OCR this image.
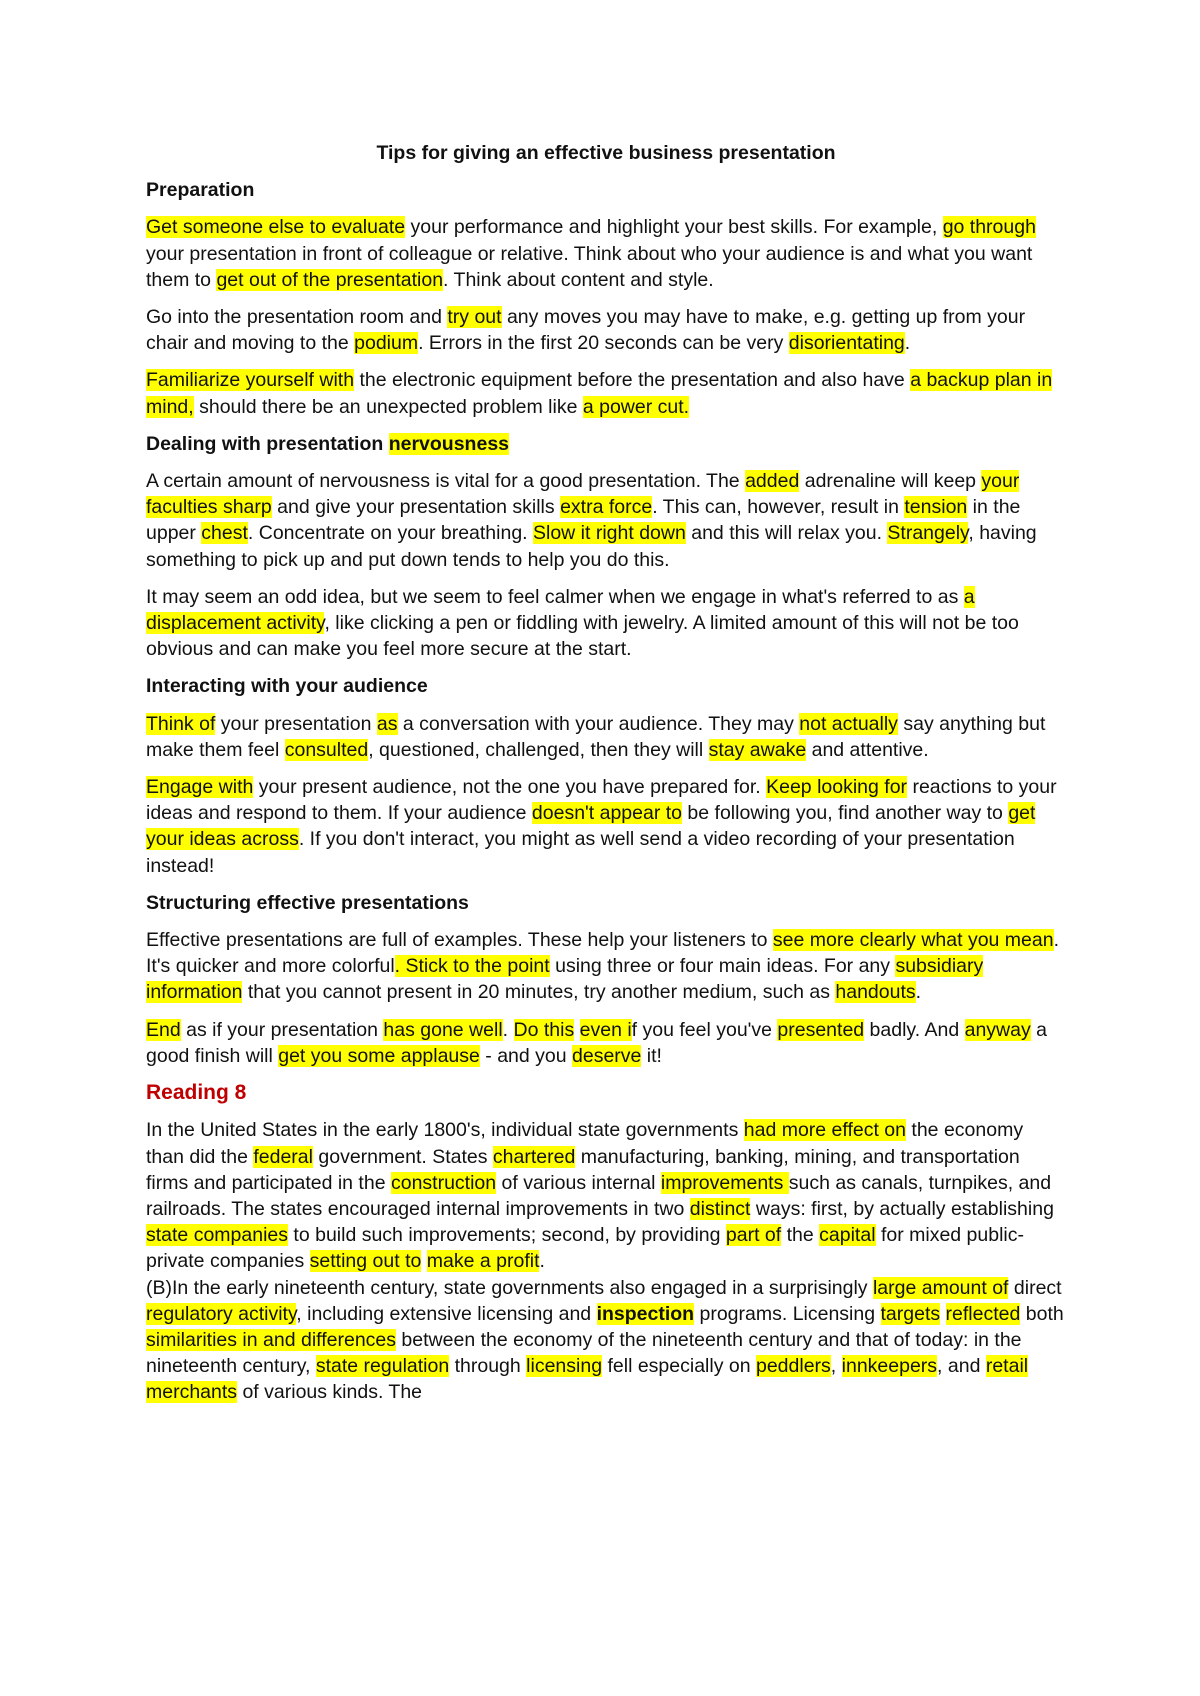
Tips for giving an effective business presentation

Preparation

Get someone else to evaluate your performance and highlight your best skills. For example, go through your presentation in front of colleague or relative. Think about who your audience is and what you want them to get out of the presentation. Think about content and style.

Go into the presentation room and try out any moves you may have to make, e.g. getting up from your chair and moving to the podium. Errors in the first 20 seconds can be very disorientating.

Familiarize yourself with the electronic equipment before the presentation and also have a backup plan in mind, should there be an unexpected problem like a power cut.

Dealing with presentation nervousness

A certain amount of nervousness is vital for a good presentation. The added adrenaline will keep your faculties sharp and give your presentation skills extra force. This can, however, result in tension in the upper chest. Concentrate on your breathing. Slow it right down and this will relax you. Strangely, having something to pick up and put down tends to help you do this.

It may seem an odd idea, but we seem to feel calmer when we engage in what's referred to as a displacement activity, like clicking a pen or fiddling with jewelry. A limited amount of this will not be too obvious and can make you feel more secure at the start.

Interacting with your audience

Think of your presentation as a conversation with your audience. They may not actually say anything but make them feel consulted, questioned, challenged, then they will stay awake and attentive.

Engage with your present audience, not the one you have prepared for. Keep looking for reactions to your ideas and respond to them. If your audience doesn't appear to be following you, find another way to get your ideas across. If you don't interact, you might as well send a video recording of your presentation instead!

Structuring effective presentations

Effective presentations are full of examples. These help your listeners to see more clearly what you mean. It's quicker and more colorful. Stick to the point using three or four main ideas. For any subsidiary information that you cannot present in 20 minutes, try another medium, such as handouts.

End as if your presentation has gone well. Do this even if you feel you've presented badly. And anyway a good finish will get you some applause - and you deserve it!

Reading 8

In the United States in the early 1800's, individual state governments had more effect on the economy than did the federal government. States chartered manufacturing, banking, mining, and transportation firms and participated in the construction of various internal improvements such as canals, turnpikes, and railroads. The states encouraged internal improvements in two distinct ways: first, by actually establishing state companies to build such improvements; second, by providing part of the capital for mixed public-private companies setting out to make a profit.

(B)In the early nineteenth century, state governments also engaged in a surprisingly large amount of direct regulatory activity, including extensive licensing and inspection programs. Licensing targets reflected both similarities in and differences between the economy of the nineteenth century and that of today: in the nineteenth century, state regulation through licensing fell especially on peddlers, innkeepers, and retail merchants of various kinds. The
